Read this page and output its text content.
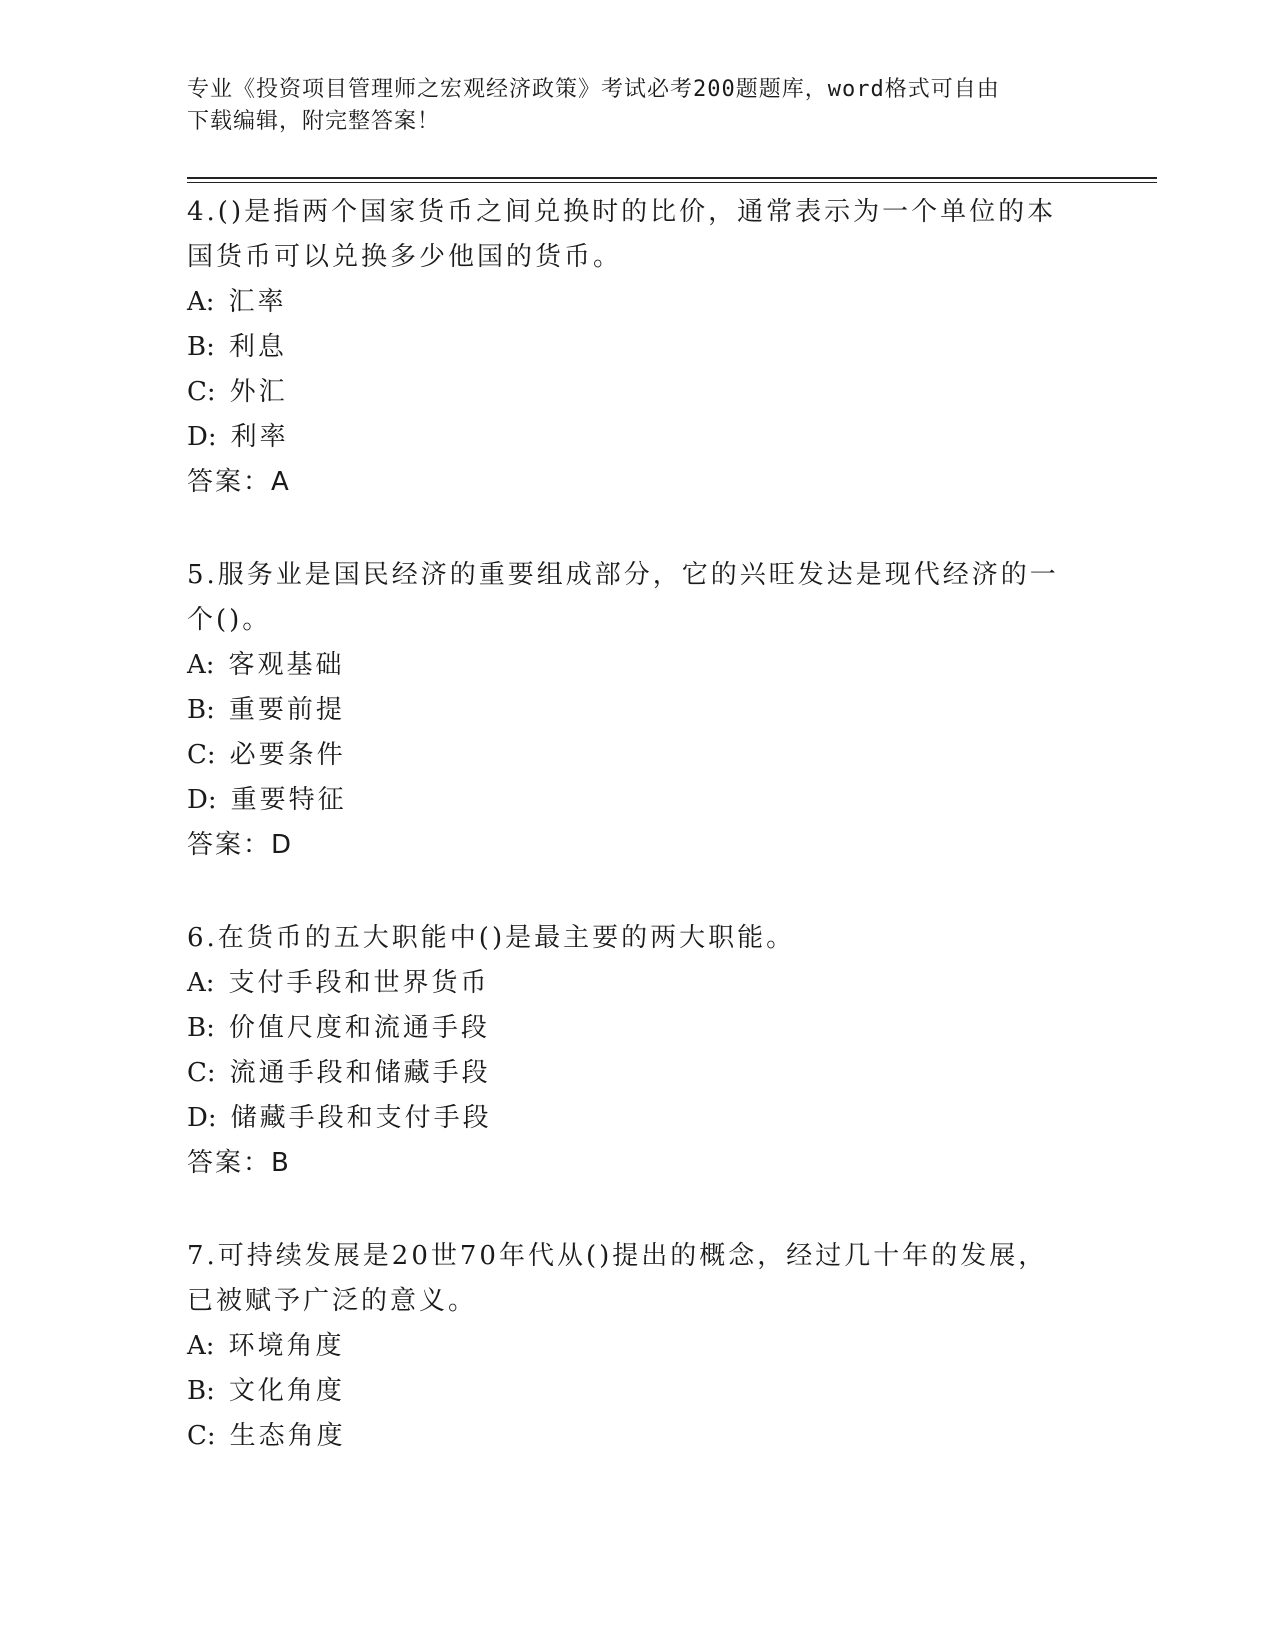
专业《投资项目管理师之宏观经济政策》考试必考200题题库，word格式可自由
下载编辑，附完整答案！
4.()是指两个国家货币之间兑换时的比价，通常表示为一个单位的本
国货币可以兑换多少他国的货币。
A: 汇率
B: 利息
C: 外汇
D: 利率
答案：A
5.服务业是国民经济的重要组成部分，它的兴旺发达是现代经济的一
个()。
A: 客观基础
B: 重要前提
C: 必要条件
D: 重要特征
答案：D
6.在货币的五大职能中()是最主要的两大职能。
A: 支付手段和世界货币
B: 价值尺度和流通手段
C: 流通手段和储藏手段
D: 储藏手段和支付手段
答案：B
7.可持续发展是20世70年代从()提出的概念，经过几十年的发展，
已被赋予广泛的意义。
A: 环境角度
B: 文化角度
C: 生态角度
